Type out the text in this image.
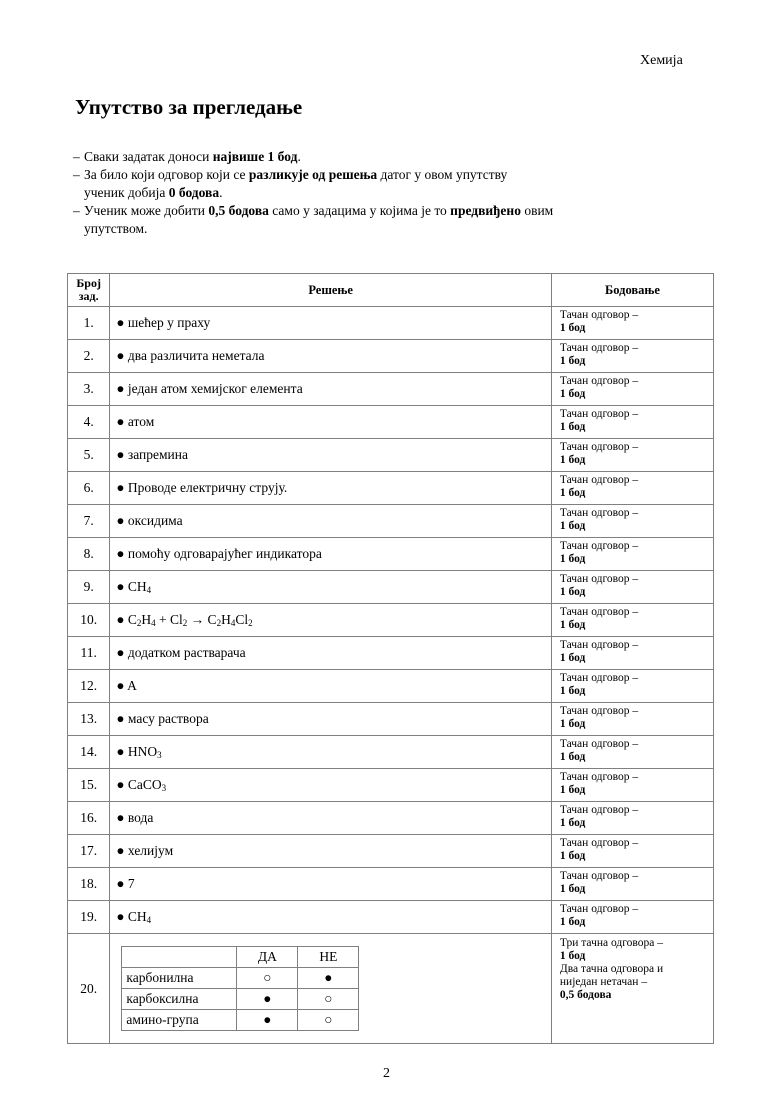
Хемија
Упутство за прегледање
– Сваки задатак доноси највише 1 бод.
– За било који одговор који се разликује од решења датог у овом упутству
ученик добија 0 бодова.
– Ученик може добити 0,5 бодова само у задацима у којима је то предвиђено овим
упутством.
Број зад.	Решење	Бодовање
1.	● шећер у праху	Тачан одговор –
1 бод

2.	● два различита неметала	Тачан одговор –
1 бод

3.	● један атом хемијског елемента	Тачан одговор –
1 бод

4.	● атом	Тачан одговор –
1 бод

5.	● запремина	Тачан одговор –
1 бод

6.	● Проводе електричну струју.	Тачан одговор –
1 бод

7.	● оксидима	Тачан одговор –
1 бод

8.	● помоћу одговарајућег индикатора	Тачан одговор –
1 бод

9.	● $CH_4$	
Тачан одговор –
1 бод

10.	● $C_2H_4 + Cl_2 \to C_2H_4Cl_2$	
Тачан одговор –
1 бод

11.	● додатком растварача	Тачан одговор –
1 бод

12.	● A	Тачан одговор –
1 бод

13.	● масу раствора	Тачан одговор –
1 бод

14.	● $HNO_3$	
Тачан одговор –
1 бод

15.	● CaCO$_3$	
Тачан одговор –
1 бод

16.	● вода	Тачан одговор –
1 бод

17.	● хелијум	Тачан одговор –
1 бод

18.	● 7	Тачан одговор –
1 бод

19.	● $CH_4$	
Тачан одговор –
1 бод

20.	
	ДА	НЕ
карбонилна	○	●
карбоксилна	●	○
амино-група	●	○

Три тачна одговора –
1 бод
Два тачна одговора и
ниједан нетачан –
0,5 бодова
2
